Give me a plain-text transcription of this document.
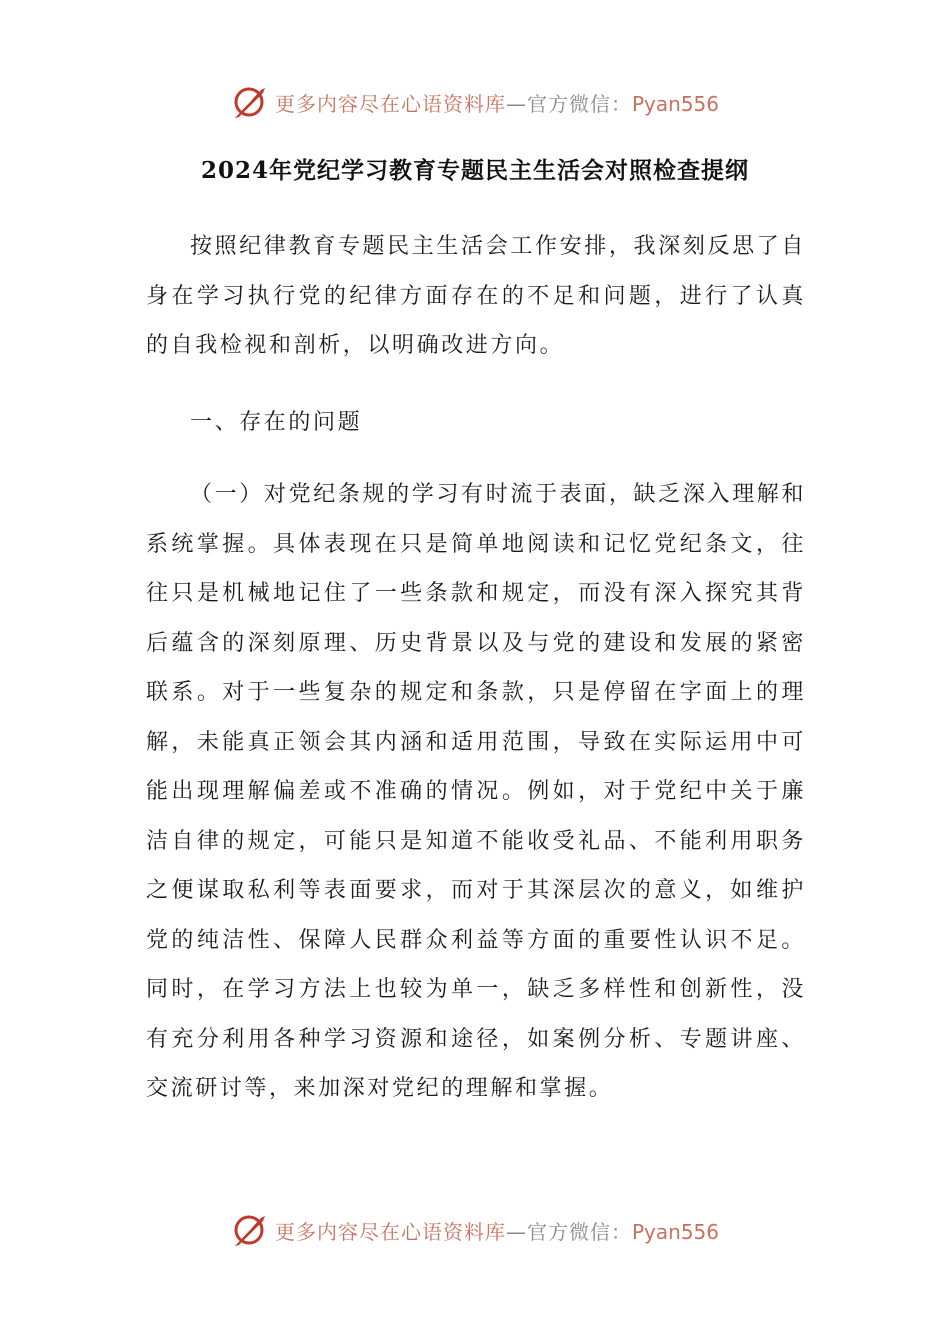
更多内容尽在心语资料库—官方微信：Pyan556
2024年党纪学习教育专题民主生活会对照检查提纲

按照纪律教育专题民主生活会工作安排，我深刻反思了自身在学习执行党的纪律方面存在的不足和问题，进行了认真的自我检视和剖析，以明确改进方向。

一、存在的问题

（一）对党纪条规的学习有时流于表面，缺乏深入理解和系统掌握。具体表现在只是简单地阅读和记忆党纪条文，往往只是机械地记住了一些条款和规定，而没有深入探究其背后蕴含的深刻原理、历史背景以及与党的建设和发展的紧密联系。对于一些复杂的规定和条款，只是停留在字面上的理解，未能真正领会其内涵和适用范围，导致在实际运用中可能出现理解偏差或不准确的情况。例如，对于党纪中关于廉洁自律的规定，可能只是知道不能收受礼品、不能利用职务之便谋取私利等表面要求，而对于其深层次的意义，如维护党的纯洁性、保障人民群众利益等方面的重要性认识不足。同时，在学习方法上也较为单一，缺乏多样性和创新性，没有充分利用各种学习资源和途径，如案例分析、专题讲座、交流研讨等，来加深对党纪的理解和掌握。

更多内容尽在心语资料库—官方微信：Pyan556
